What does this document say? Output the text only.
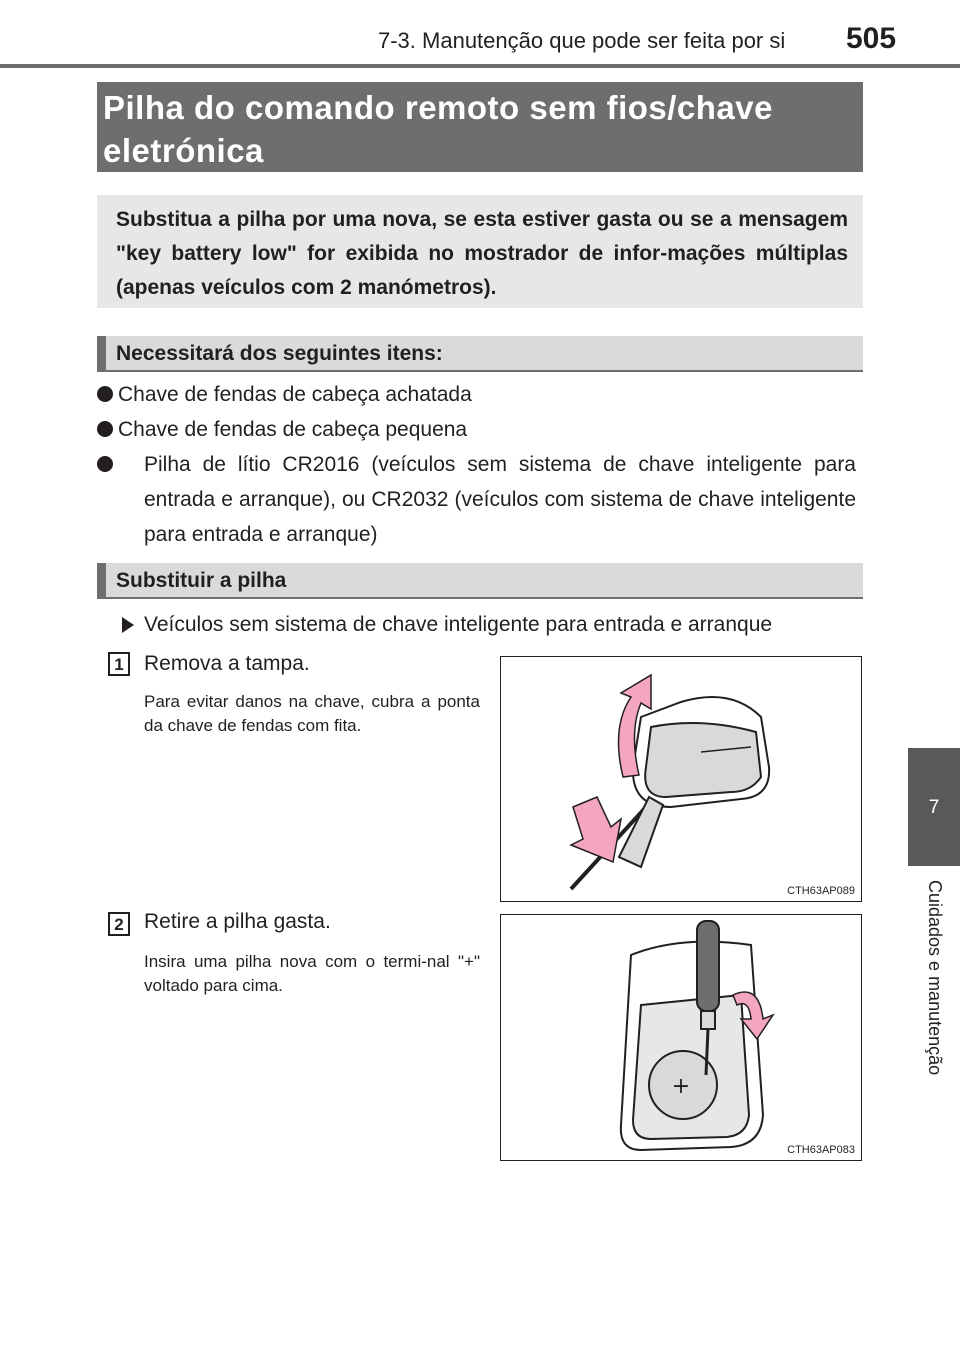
7-3. Manutenção que pode ser feita por si 505
7
Cuidados e manutenção
Pilha do comando remoto sem fios/chave eletrónica
Substitua a pilha por uma nova, se esta estiver gasta ou se a mensagem "key battery low" for exibida no mostrador de infor-mações múltiplas (apenas veículos com 2 manómetros).
Necessitará dos seguintes itens:
Chave de fendas de cabeça achatada
Chave de fendas de cabeça pequena
Pilha de lítio CR2016 (veículos sem sistema de chave inteligente para entrada e arranque), ou CR2032 (veículos com sistema de chave inteligente para entrada e arranque)
Substituir a pilha
Veículos sem sistema de chave inteligente para entrada e arranque
1 Remova a tampa.
Para evitar danos na chave, cubra a ponta da chave de fendas com fita.
CTH63AP089
2 Retire a pilha gasta.
Insira uma pilha nova com o termi-nal "+" voltado para cima.
+
CTH63AP083
